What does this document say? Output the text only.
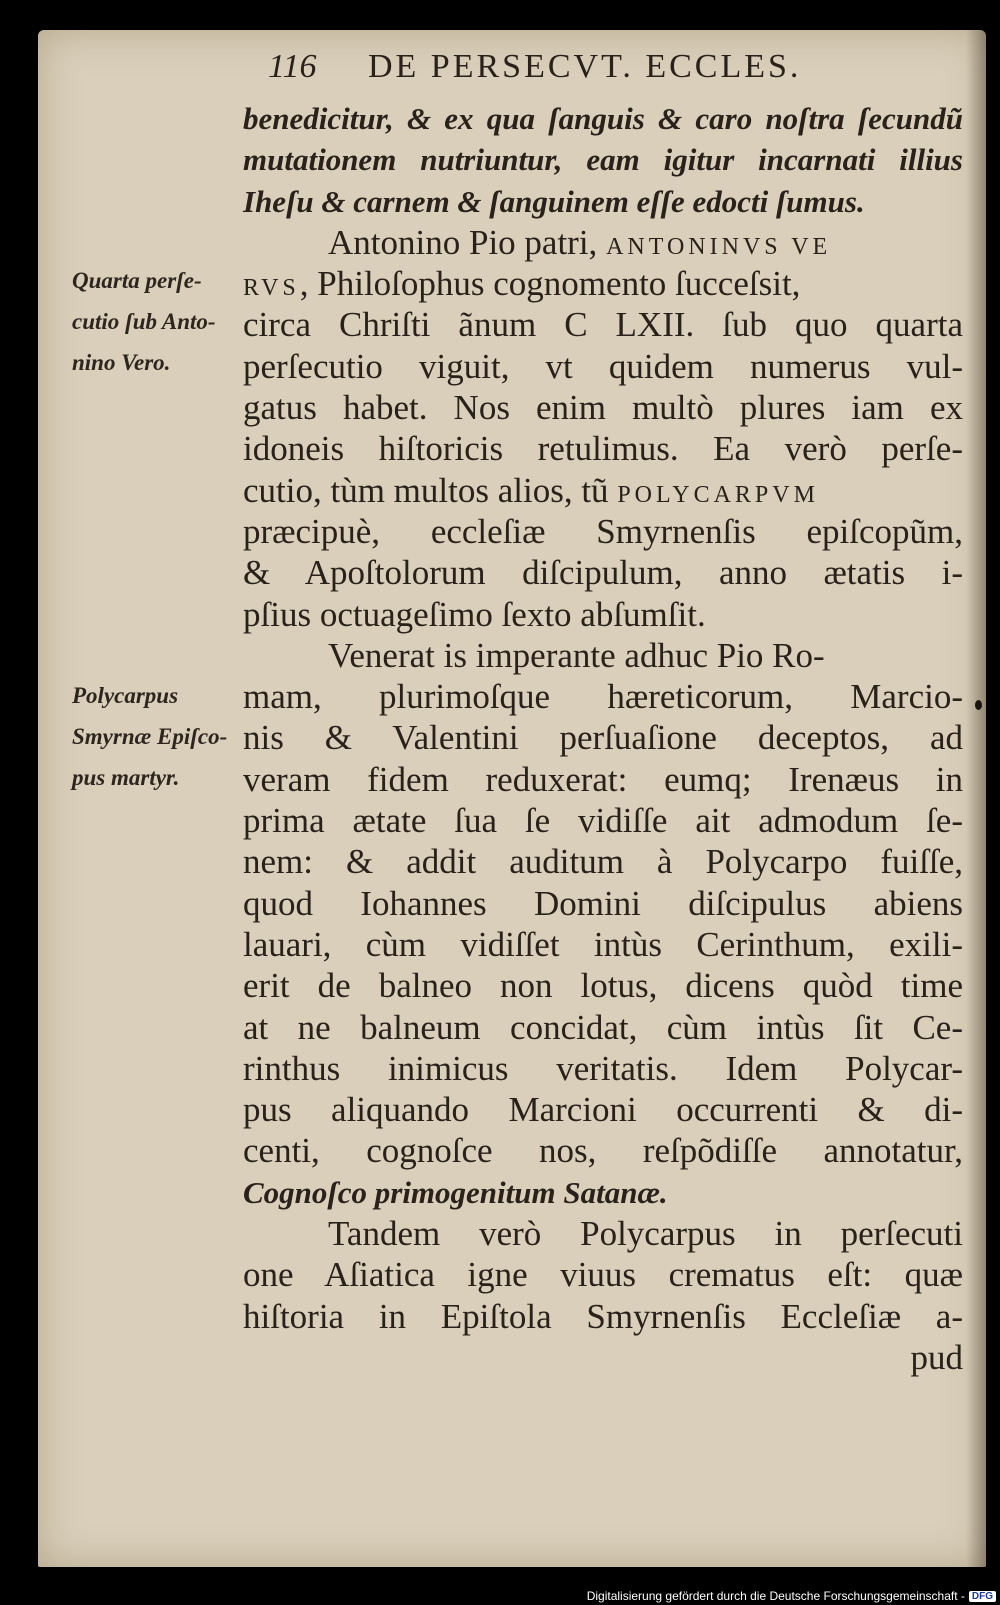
116 DE PERSECVT. ECCLES.
Quarta perſe-
cutio ſub Anto-
nino Vero.
Polycarpus
Smyrnæ Epiſco-
pus martyr.
benedicitur, & ex qua ſanguis & caro noſtra ſecundũ
mutationem nutriuntur, eam igitur incarnati illius
Iheſu & carnem & ſanguinem eſſe edocti ſumus.
Antonino Pio patri, ANTONINVS VE
RVS, Philoſophus cognomento ſucceſsit,
circa Chriſti ãnum C LXII. ſub quo quarta
perſecutio viguit, vt quidem numerus vul-
gatus habet. Nos enim multò plures iam ex
idoneis hiſtoricis retulimus. Ea verò perſe-
cutio, tùm multos alios, tũ POLYCARPVM
præcipuè, eccleſiæ Smyrnenſis epiſcopũm,
& Apoſtolorum diſcipulum, anno ætatis i-
pſius octuageſimo ſexto abſumſit.
Venerat is imperante adhuc Pio Ro-
mam, plurimoſque hæreticorum, Marcio-
nis & Valentini perſuaſione deceptos, ad
veram fidem reduxerat: eumq; Irenæus in
prima ætate ſua ſe vidiſſe ait admodum ſe-
nem: & addit auditum à Polycarpo fuiſſe,
quod Iohannes Domini diſcipulus abiens
lauari, cùm vidiſſet intùs Cerinthum, exili-
erit de balneo non lotus, dicens quòd time
at ne balneum concidat, cùm intùs ſit Ce-
rinthus inimicus veritatis. Idem Polycar-
pus aliquando Marcioni occurrenti & di-
centi, cognoſce nos, reſpõdiſſe annotatur,
Cognoſco primogenitum Satanæ.
Tandem verò Polycarpus in perſecuti
one Aſiatica igne viuus crematus eſt: quæ
hiſtoria in Epiſtola Smyrnenſis Eccleſiæ a-
pud
Digitalisierung gefördert durch die Deutsche Forschungsgemeinschaft - DFG
